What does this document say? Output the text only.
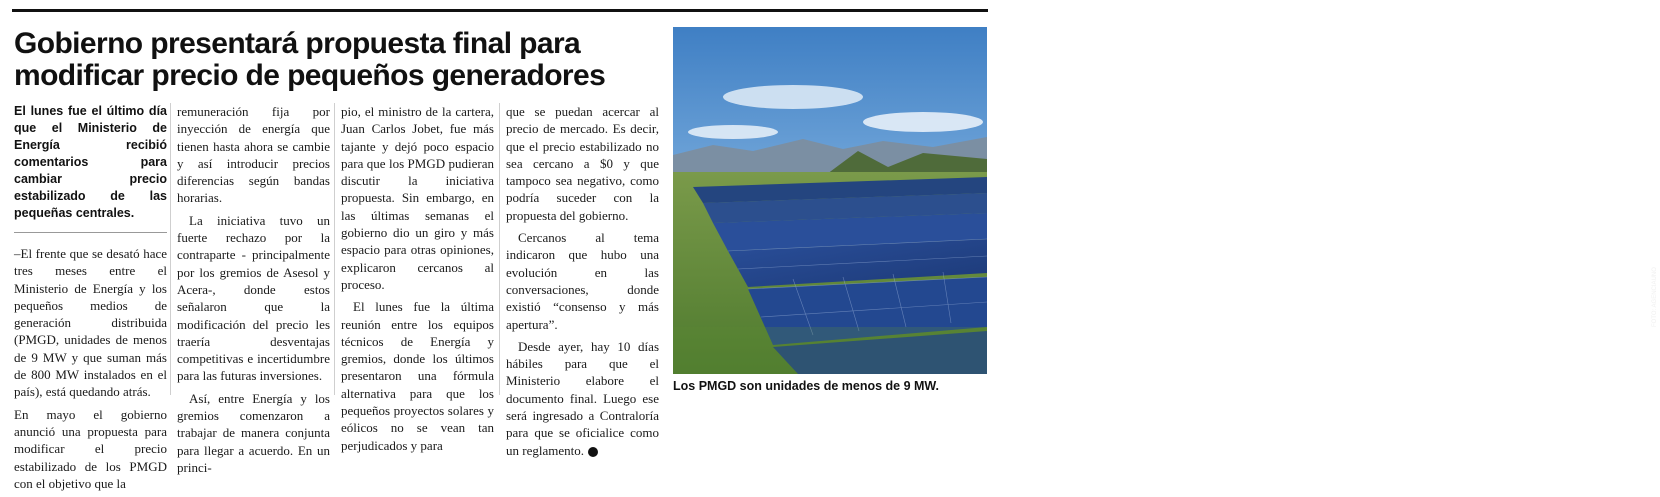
Gobierno presentará propuesta final para modificar precio de pequeños generadores

El lunes fue el último día que el Ministerio de Energía recibió comentarios para cambiar precio estabilizado de las pequeñas centrales.

–El frente que se desató hace tres meses entre el Ministerio de Energía y los pequeños medios de generación distribuida (PMGD, unidades de menos de 9 MW y que suman más de 800 MW instalados en el país), está quedando atrás.

En mayo el gobierno anunció una propuesta para modificar el precio estabilizado de los PMGD con el objetivo que la

remuneración fija por inyección de energía que tienen hasta ahora se cambie y así introducir precios diferencias según bandas horarias.

La iniciativa tuvo un fuerte rechazo por la contraparte - principalmente por los gremios de Asesol y Acera-, donde estos señalaron que la modificación del precio les traería desventajas competitivas e incertidumbre para las futuras inversiones.

Así, entre Energía y los gremios comenzaron a trabajar de manera conjunta para llegar a acuerdo. En un princi-

pio, el ministro de la cartera, Juan Carlos Jobet, fue más tajante y dejó poco espacio para que los PMGD pudieran discutir la iniciativa propuesta. Sin embargo, en las últimas semanas el gobierno dio un giro y más espacio para otras opiniones, explicaron cercanos al proceso.

El lunes fue la última reunión entre los equipos técnicos de Energía y gremios, donde los últimos presentaron una fórmula alternativa para que los pequeños proyectos solares y eólicos no se vean tan perjudicados y para

que se puedan acercar al precio de mercado. Es decir, que el precio estabilizado no sea cercano a $0 y que tampoco sea negativo, como podría suceder con la propuesta del gobierno.

Cercanos al tema indicaron que hubo una evolución en las conversaciones, donde existió “consenso y más apertura”.

Desde ayer, hay 10 días hábiles para que el Ministerio elabore el documento final. Luego ese será ingresado a Contraloría para que se oficialice como un reglamento. P

FOTO: AGENCIAUNO
Los PMGD son unidades de menos de 9 MW.
